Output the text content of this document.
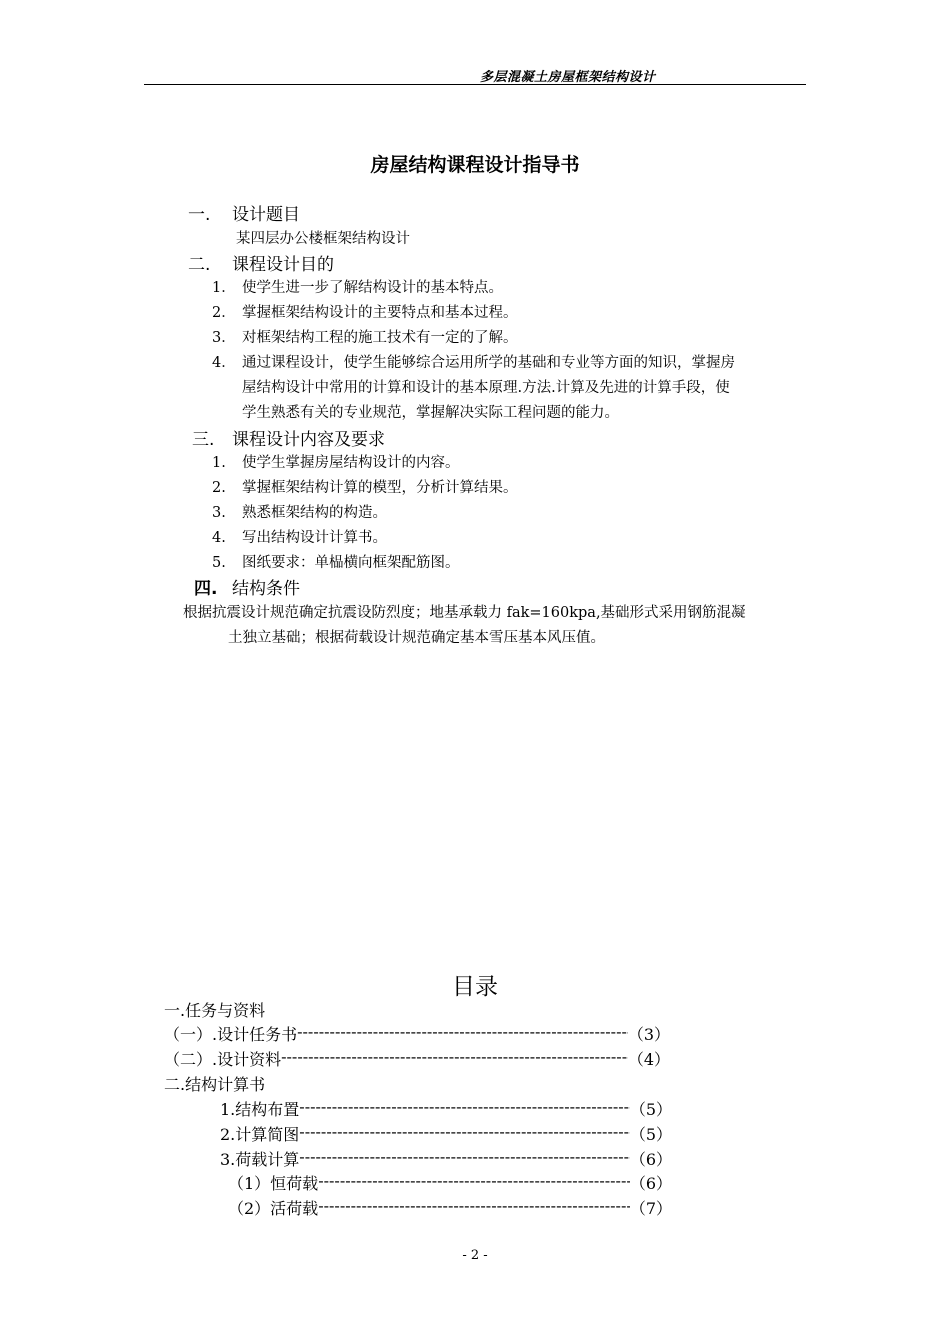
多层混凝土房屋框架结构设计
房屋结构课程设计指导书
一. 设计题目
某四层办公楼框架结构设计
二. 课程设计目的
1． 使学生进一步了解结构设计的基本特点。
2． 掌握框架结构设计的主要特点和基本过程。
3． 对框架结构工程的施工技术有一定的了解。
4． 通过课程设计，使学生能够综合运用所学的基础和专业等方面的知识，掌握房
屋结构设计中常用的计算和设计的基本原理.方法.计算及先进的计算手段，使
学生熟悉有关的专业规范，掌握解决实际工程问题的能力。
三. 课程设计内容及要求
1. 使学生掌握房屋结构设计的内容。
2. 掌握框架结构计算的模型，分析计算结果。
3. 熟悉框架结构的构造。
4. 写出结构设计计算书。
5. 图纸要求：单榀横向框架配筋图。
四. 结构条件
根据抗震设计规范确定抗震设防烈度；地基承载力 fak=160kpa,基础形式采用钢筋混凝
土独立基础；根据荷载设计规范确定基本雪压基本风压值。
目录
一.任务与资料
（一）.设计任务书 -----	（3）
（二）.设计资料 -----	（4）
二.结构计算书
1.结构布置 -----	（5）
2.计算简图 -----	（5）
3.荷载计算 -----	（6）
（1）恒荷载 -----	（6）
（2）活荷载 -----	（7）
- 2 -
